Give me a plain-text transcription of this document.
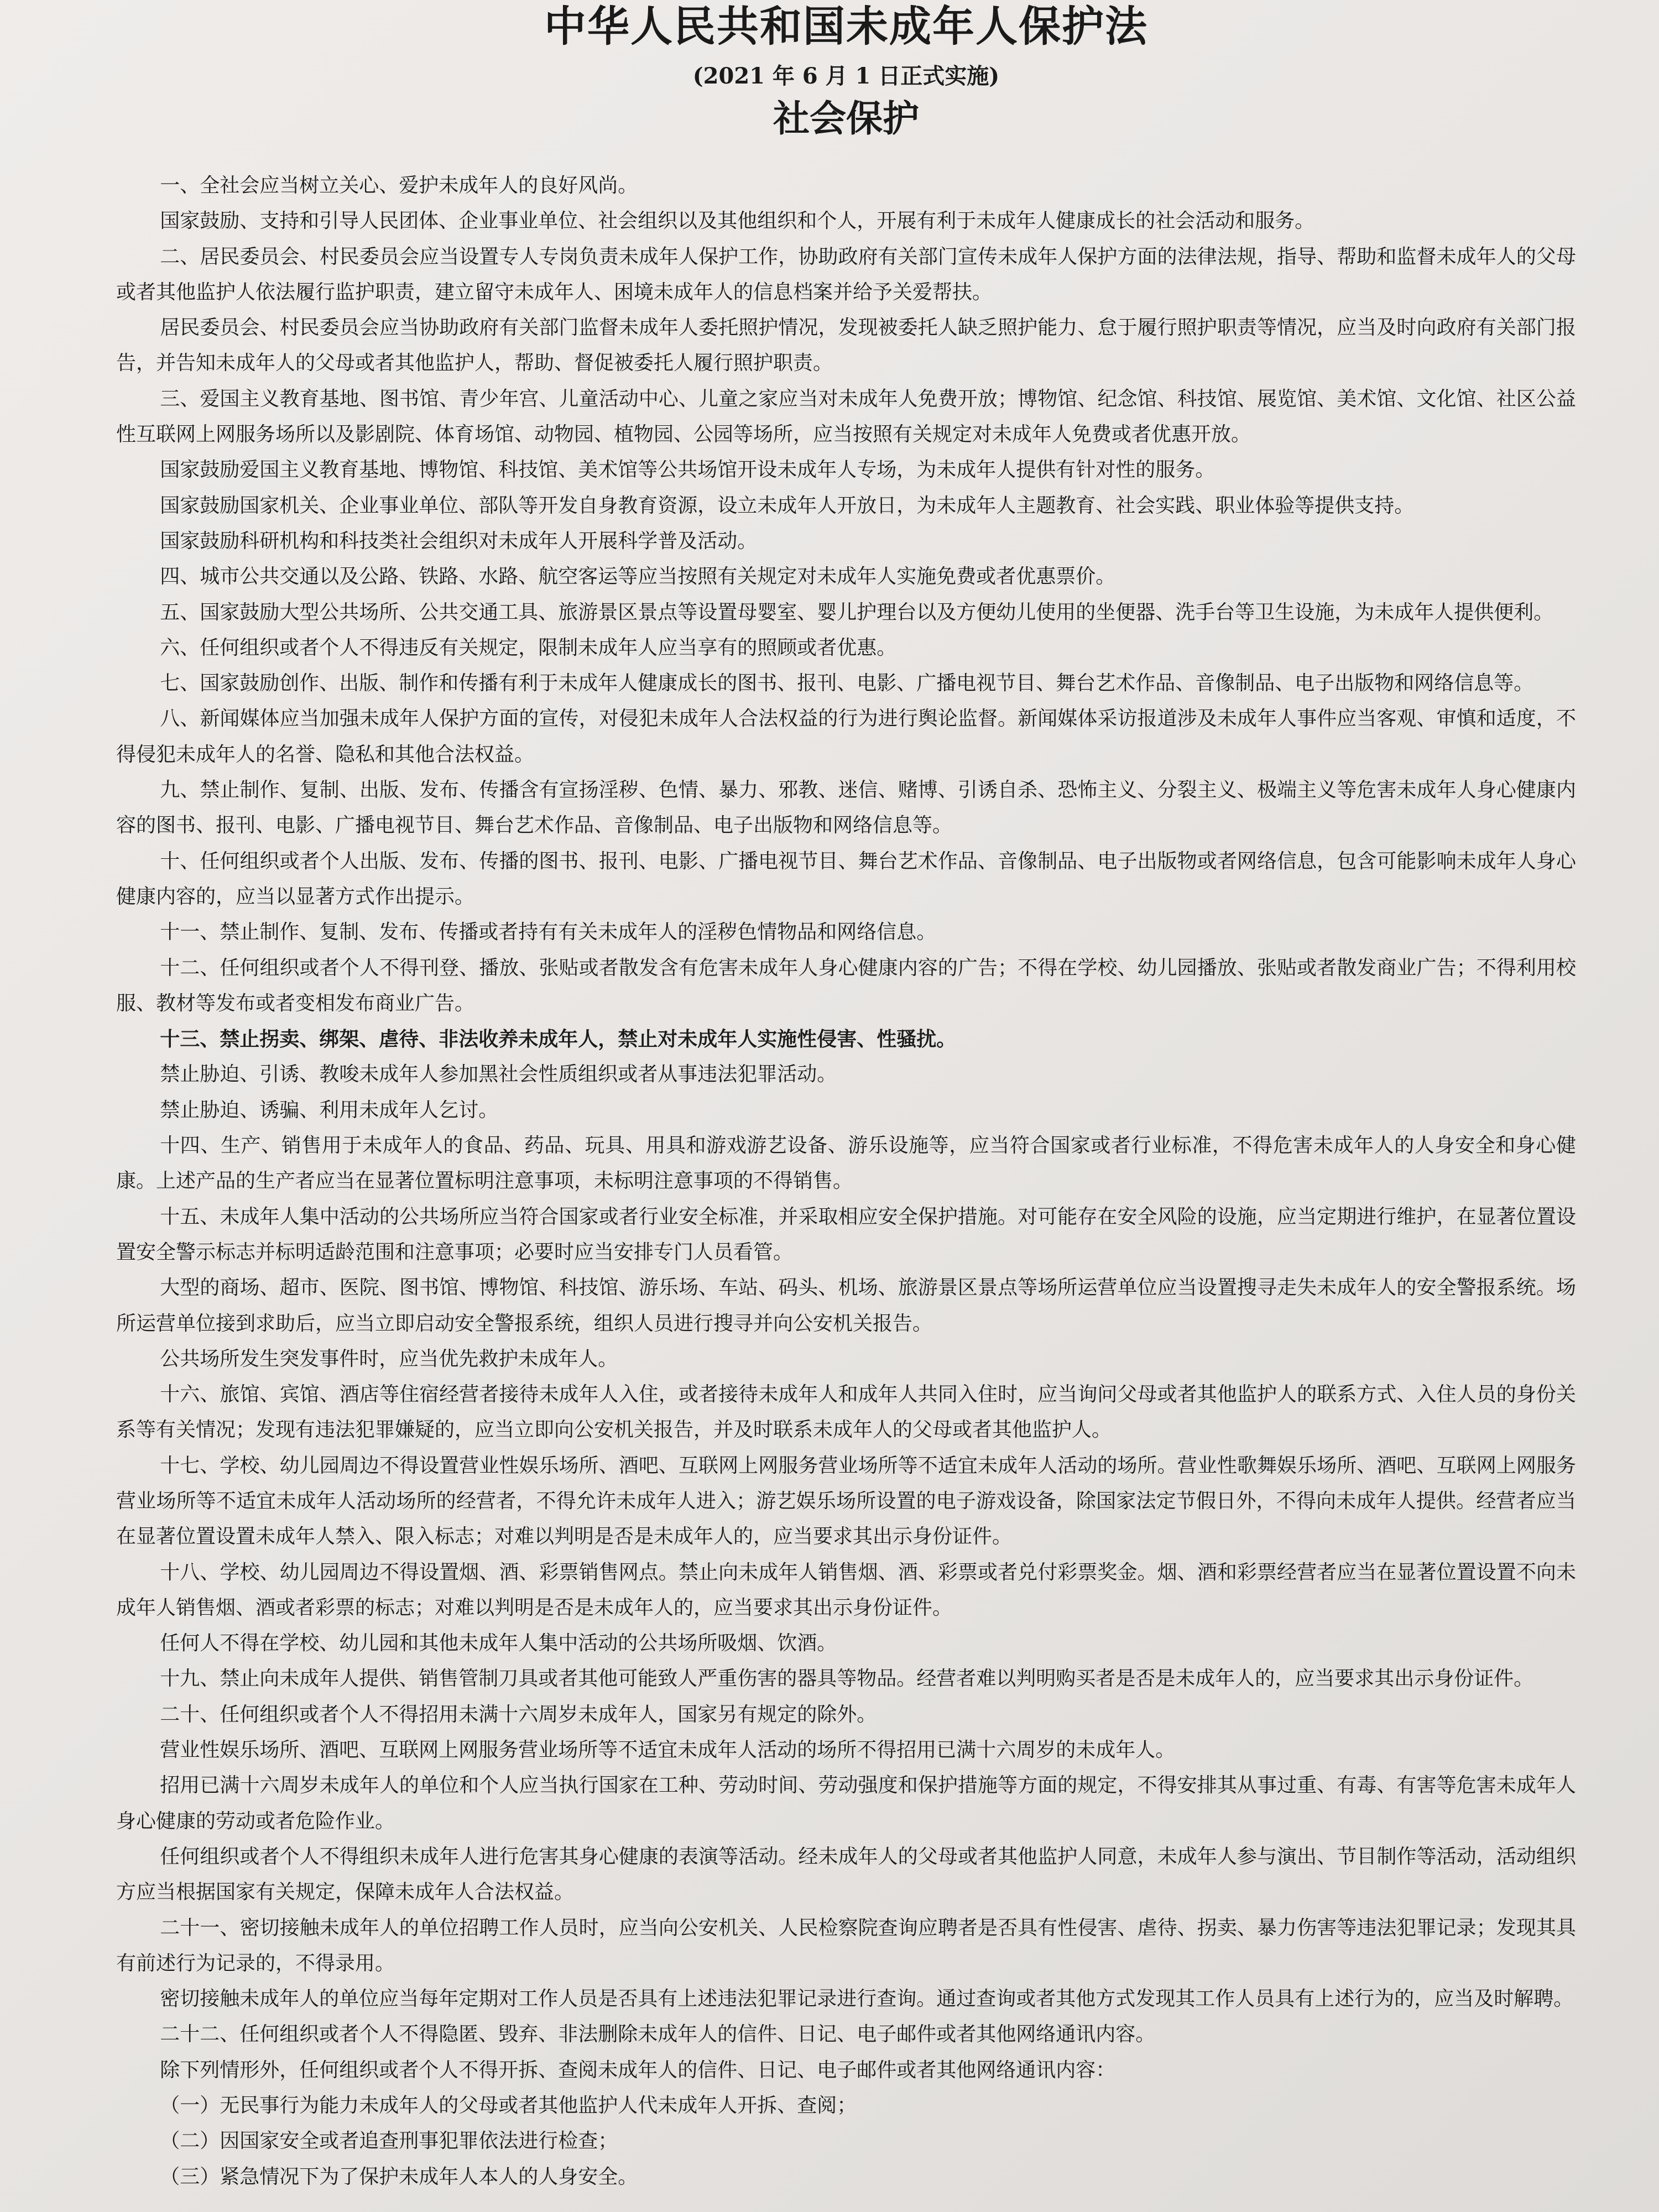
中华人民共和国未成年人保护法
(2021 年 6 月 1 日正式实施)
社会保护

一、全社会应当树立关心、爱护未成年人的良好风尚。

国家鼓励、支持和引导人民团体、企业事业单位、社会组织以及其他组织和个人，开展有利于未成年人健康成长的社会活动和服务。

二、居民委员会、村民委员会应当设置专人专岗负责未成年人保护工作，协助政府有关部门宣传未成年人保护方面的法律法规，指导、帮助和监督未成年人的父母或者其他监护人依法履行监护职责，建立留守未成年人、困境未成年人的信息档案并给予关爱帮扶。

居民委员会、村民委员会应当协助政府有关部门监督未成年人委托照护情况，发现被委托人缺乏照护能力、怠于履行照护职责等情况，应当及时向政府有关部门报告，并告知未成年人的父母或者其他监护人，帮助、督促被委托人履行照护职责。

三、爱国主义教育基地、图书馆、青少年宫、儿童活动中心、儿童之家应当对未成年人免费开放；博物馆、纪念馆、科技馆、展览馆、美术馆、文化馆、社区公益性互联网上网服务场所以及影剧院、体育场馆、动物园、植物园、公园等场所，应当按照有关规定对未成年人免费或者优惠开放。

国家鼓励爱国主义教育基地、博物馆、科技馆、美术馆等公共场馆开设未成年人专场，为未成年人提供有针对性的服务。

国家鼓励国家机关、企业事业单位、部队等开发自身教育资源，设立未成年人开放日，为未成年人主题教育、社会实践、职业体验等提供支持。

国家鼓励科研机构和科技类社会组织对未成年人开展科学普及活动。

四、城市公共交通以及公路、铁路、水路、航空客运等应当按照有关规定对未成年人实施免费或者优惠票价。

五、国家鼓励大型公共场所、公共交通工具、旅游景区景点等设置母婴室、婴儿护理台以及方便幼儿使用的坐便器、洗手台等卫生设施，为未成年人提供便利。

六、任何组织或者个人不得违反有关规定，限制未成年人应当享有的照顾或者优惠。

七、国家鼓励创作、出版、制作和传播有利于未成年人健康成长的图书、报刊、电影、广播电视节目、舞台艺术作品、音像制品、电子出版物和网络信息等。

八、新闻媒体应当加强未成年人保护方面的宣传，对侵犯未成年人合法权益的行为进行舆论监督。新闻媒体采访报道涉及未成年人事件应当客观、审慎和适度，不得侵犯未成年人的名誉、隐私和其他合法权益。

九、禁止制作、复制、出版、发布、传播含有宣扬淫秽、色情、暴力、邪教、迷信、赌博、引诱自杀、恐怖主义、分裂主义、极端主义等危害未成年人身心健康内容的图书、报刊、电影、广播电视节目、舞台艺术作品、音像制品、电子出版物和网络信息等。

十、任何组织或者个人出版、发布、传播的图书、报刊、电影、广播电视节目、舞台艺术作品、音像制品、电子出版物或者网络信息，包含可能影响未成年人身心健康内容的，应当以显著方式作出提示。

十一、禁止制作、复制、发布、传播或者持有有关未成年人的淫秽色情物品和网络信息。

十二、任何组织或者个人不得刊登、播放、张贴或者散发含有危害未成年人身心健康内容的广告；不得在学校、幼儿园播放、张贴或者散发商业广告；不得利用校服、教材等发布或者变相发布商业广告。

十三、禁止拐卖、绑架、虐待、非法收养未成年人，禁止对未成年人实施性侵害、性骚扰。

禁止胁迫、引诱、教唆未成年人参加黑社会性质组织或者从事违法犯罪活动。

禁止胁迫、诱骗、利用未成年人乞讨。

十四、生产、销售用于未成年人的食品、药品、玩具、用具和游戏游艺设备、游乐设施等，应当符合国家或者行业标准，不得危害未成年人的人身安全和身心健康。上述产品的生产者应当在显著位置标明注意事项，未标明注意事项的不得销售。

十五、未成年人集中活动的公共场所应当符合国家或者行业安全标准，并采取相应安全保护措施。对可能存在安全风险的设施，应当定期进行维护，在显著位置设置安全警示标志并标明适龄范围和注意事项；必要时应当安排专门人员看管。

大型的商场、超市、医院、图书馆、博物馆、科技馆、游乐场、车站、码头、机场、旅游景区景点等场所运营单位应当设置搜寻走失未成年人的安全警报系统。场所运营单位接到求助后，应当立即启动安全警报系统，组织人员进行搜寻并向公安机关报告。

公共场所发生突发事件时，应当优先救护未成年人。

十六、旅馆、宾馆、酒店等住宿经营者接待未成年人入住，或者接待未成年人和成年人共同入住时，应当询问父母或者其他监护人的联系方式、入住人员的身份关系等有关情况；发现有违法犯罪嫌疑的，应当立即向公安机关报告，并及时联系未成年人的父母或者其他监护人。

十七、学校、幼儿园周边不得设置营业性娱乐场所、酒吧、互联网上网服务营业场所等不适宜未成年人活动的场所。营业性歌舞娱乐场所、酒吧、互联网上网服务营业场所等不适宜未成年人活动场所的经营者，不得允许未成年人进入；游艺娱乐场所设置的电子游戏设备，除国家法定节假日外，不得向未成年人提供。经营者应当在显著位置设置未成年人禁入、限入标志；对难以判明是否是未成年人的，应当要求其出示身份证件。

十八、学校、幼儿园周边不得设置烟、酒、彩票销售网点。禁止向未成年人销售烟、酒、彩票或者兑付彩票奖金。烟、酒和彩票经营者应当在显著位置设置不向未成年人销售烟、酒或者彩票的标志；对难以判明是否是未成年人的，应当要求其出示身份证件。

任何人不得在学校、幼儿园和其他未成年人集中活动的公共场所吸烟、饮酒。

十九、禁止向未成年人提供、销售管制刀具或者其他可能致人严重伤害的器具等物品。经营者难以判明购买者是否是未成年人的，应当要求其出示身份证件。

二十、任何组织或者个人不得招用未满十六周岁未成年人，国家另有规定的除外。

营业性娱乐场所、酒吧、互联网上网服务营业场所等不适宜未成年人活动的场所不得招用已满十六周岁的未成年人。

招用已满十六周岁未成年人的单位和个人应当执行国家在工种、劳动时间、劳动强度和保护措施等方面的规定，不得安排其从事过重、有毒、有害等危害未成年人身心健康的劳动或者危险作业。

任何组织或者个人不得组织未成年人进行危害其身心健康的表演等活动。经未成年人的父母或者其他监护人同意，未成年人参与演出、节目制作等活动，活动组织方应当根据国家有关规定，保障未成年人合法权益。

二十一、密切接触未成年人的单位招聘工作人员时，应当向公安机关、人民检察院查询应聘者是否具有性侵害、虐待、拐卖、暴力伤害等违法犯罪记录；发现其具有前述行为记录的，不得录用。

密切接触未成年人的单位应当每年定期对工作人员是否具有上述违法犯罪记录进行查询。通过查询或者其他方式发现其工作人员具有上述行为的，应当及时解聘。

二十二、任何组织或者个人不得隐匿、毁弃、非法删除未成年人的信件、日记、电子邮件或者其他网络通讯内容。

除下列情形外，任何组织或者个人不得开拆、查阅未成年人的信件、日记、电子邮件或者其他网络通讯内容：

（一）无民事行为能力未成年人的父母或者其他监护人代未成年人开拆、查阅；

（二）因国家安全或者追查刑事犯罪依法进行检查；

（三）紧急情况下为了保护未成年人本人的人身安全。
